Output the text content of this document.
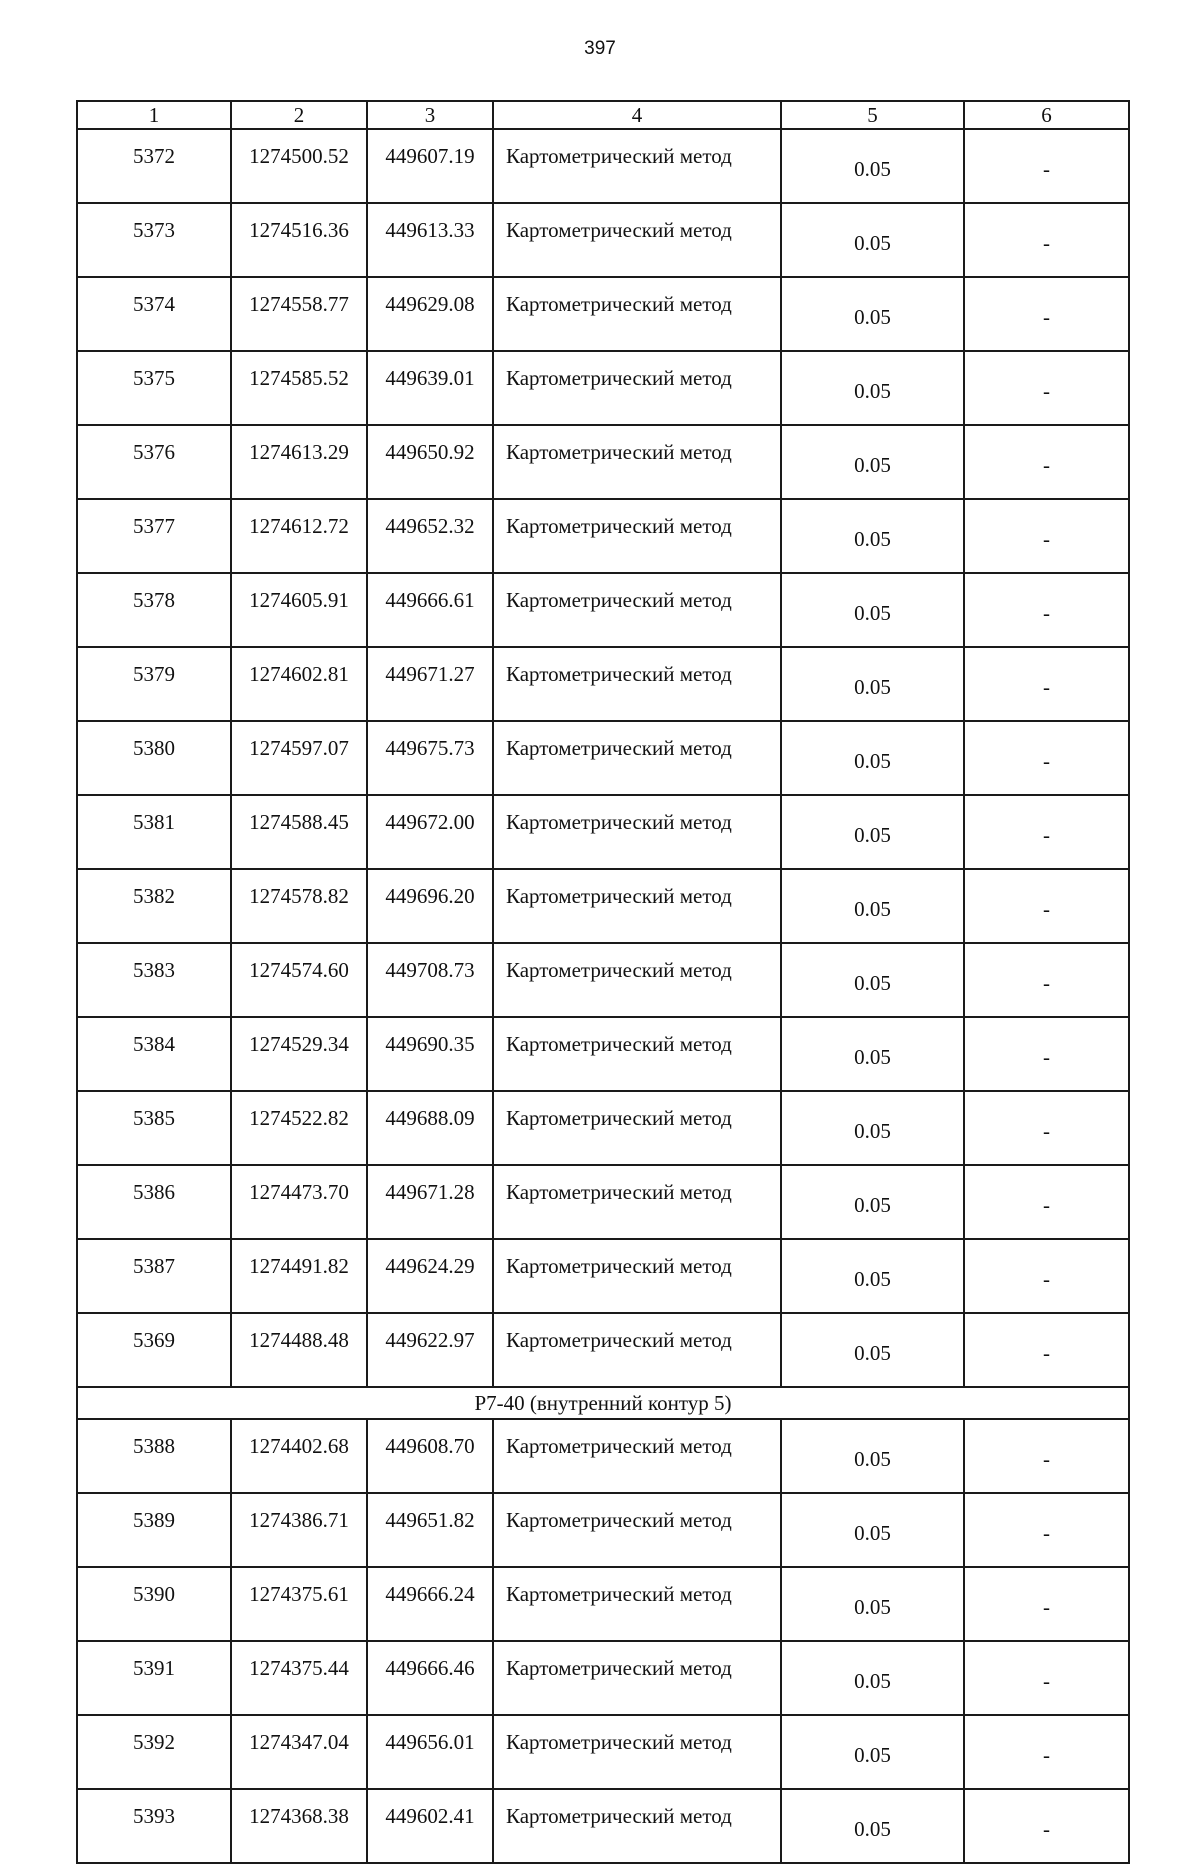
397
1	2	3	4	5	6
5372	1274500.52	449607.19	Картометрический метод	0.05	-
5373	1274516.36	449613.33	Картометрический метод	0.05	-
5374	1274558.77	449629.08	Картометрический метод	0.05	-
5375	1274585.52	449639.01	Картометрический метод	0.05	-
5376	1274613.29	449650.92	Картометрический метод	0.05	-
5377	1274612.72	449652.32	Картометрический метод	0.05	-
5378	1274605.91	449666.61	Картометрический метод	0.05	-
5379	1274602.81	449671.27	Картометрический метод	0.05	-
5380	1274597.07	449675.73	Картометрический метод	0.05	-
5381	1274588.45	449672.00	Картометрический метод	0.05	-
5382	1274578.82	449696.20	Картометрический метод	0.05	-
5383	1274574.60	449708.73	Картометрический метод	0.05	-
5384	1274529.34	449690.35	Картометрический метод	0.05	-
5385	1274522.82	449688.09	Картометрический метод	0.05	-
5386	1274473.70	449671.28	Картометрический метод	0.05	-
5387	1274491.82	449624.29	Картометрический метод	0.05	-
5369	1274488.48	449622.97	Картометрический метод	0.05	-
Р7-40 (внутренний контур 5)					
5388	1274402.68	449608.70	Картометрический метод	0.05	-
5389	1274386.71	449651.82	Картометрический метод	0.05	-
5390	1274375.61	449666.24	Картометрический метод	0.05	-
5391	1274375.44	449666.46	Картометрический метод	0.05	-
5392	1274347.04	449656.01	Картометрический метод	0.05	-
5393	1274368.38	449602.41	Картометрический метод	0.05	-
